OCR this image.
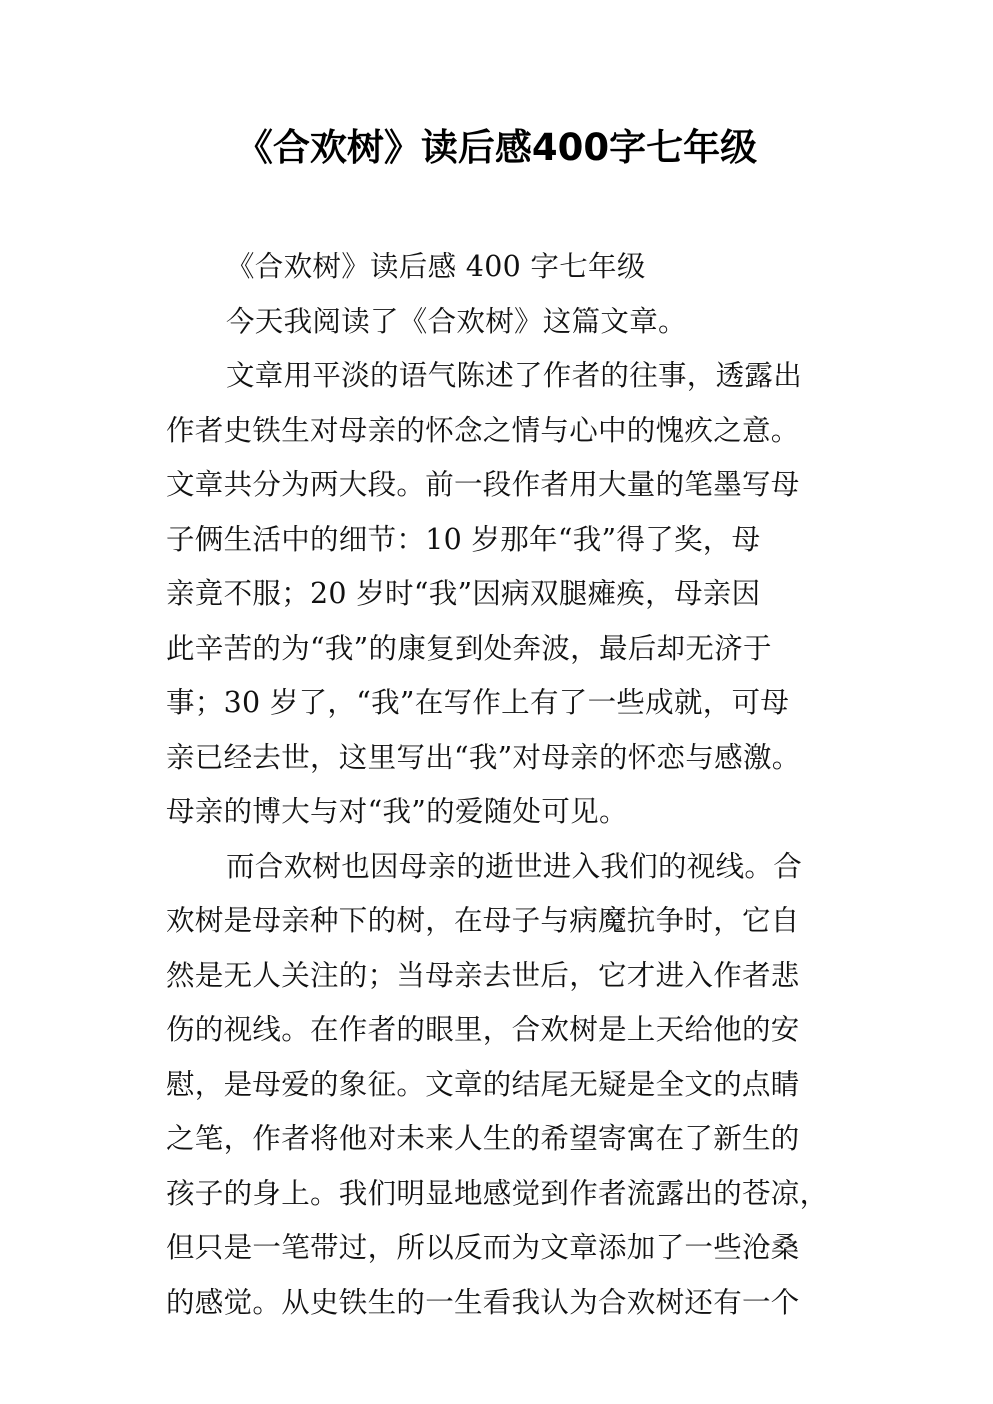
《合欢树》读后感400字七年级
《合欢树》读后感 400 字七年级
今天我阅读了《合欢树》这篇文章。
文章用平淡的语气陈述了作者的往事，透露出
作者史铁生对母亲的怀念之情与心中的愧疚之意。
文章共分为两大段。前一段作者用大量的笔墨写母
子俩生活中的细节：10 岁那年“我”得了奖，母
亲竟不服；20 岁时“我”因病双腿瘫痪，母亲因
此辛苦的为“我”的康复到处奔波，最后却无济于
事；30 岁了，“我”在写作上有了一些成就，可母
亲已经去世，这里写出“我”对母亲的怀恋与感激。
母亲的博大与对“我”的爱随处可见。
而合欢树也因母亲的逝世进入我们的视线。合
欢树是母亲种下的树，在母子与病魔抗争时，它自
然是无人关注的；当母亲去世后，它才进入作者悲
伤的视线。在作者的眼里，合欢树是上天给他的安
慰，是母爱的象征。文章的结尾无疑是全文的点睛
之笔，作者将他对未来人生的希望寄寓在了新生的
孩子的身上。我们明显地感觉到作者流露出的苍凉，
但只是一笔带过，所以反而为文章添加了一些沧桑
的感觉。从史铁生的一生看我认为合欢树还有一个
